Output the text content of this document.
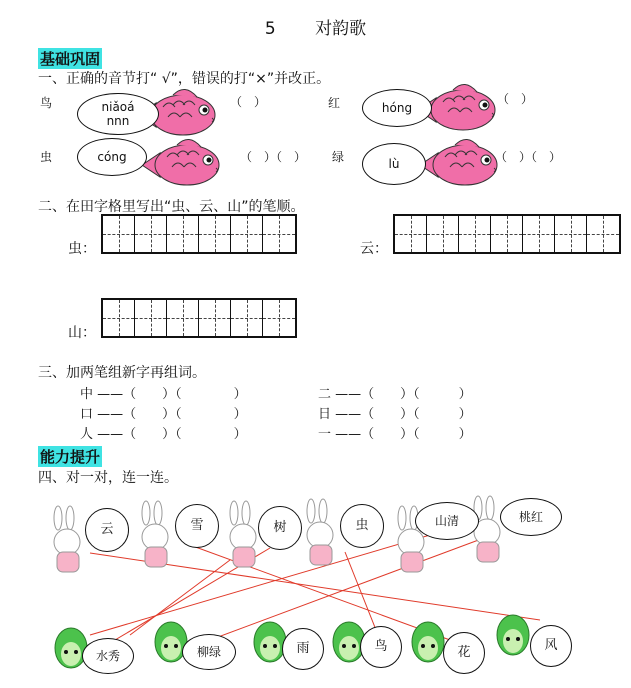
5 对韵歌
基础巩固
一、正确的音节打“ √”，错误的打“×”并改正。
鸟	niǎoá
nnn
（　）	红	hóng
（　）
虫	cóng	（　）（　） 绿	lù	（　）（　）
二、在田字格里写出“虫、云、山”的笔顺。
虫：	云：
山：
三、加两笔组新字再组词。
中 ——（　　）（　　　　）	二 ——（　　）（　　　）
口 ——（　　）（　　　　）	日 ——（　　）（　　　）
人 ——（　　）（　　　　）	一 ——（　　）（　　　）
能力提升
四、对一对，连一连。
云	雪	树	虫	山清	桃红
水秀	柳绿	雨	鸟	花	风
